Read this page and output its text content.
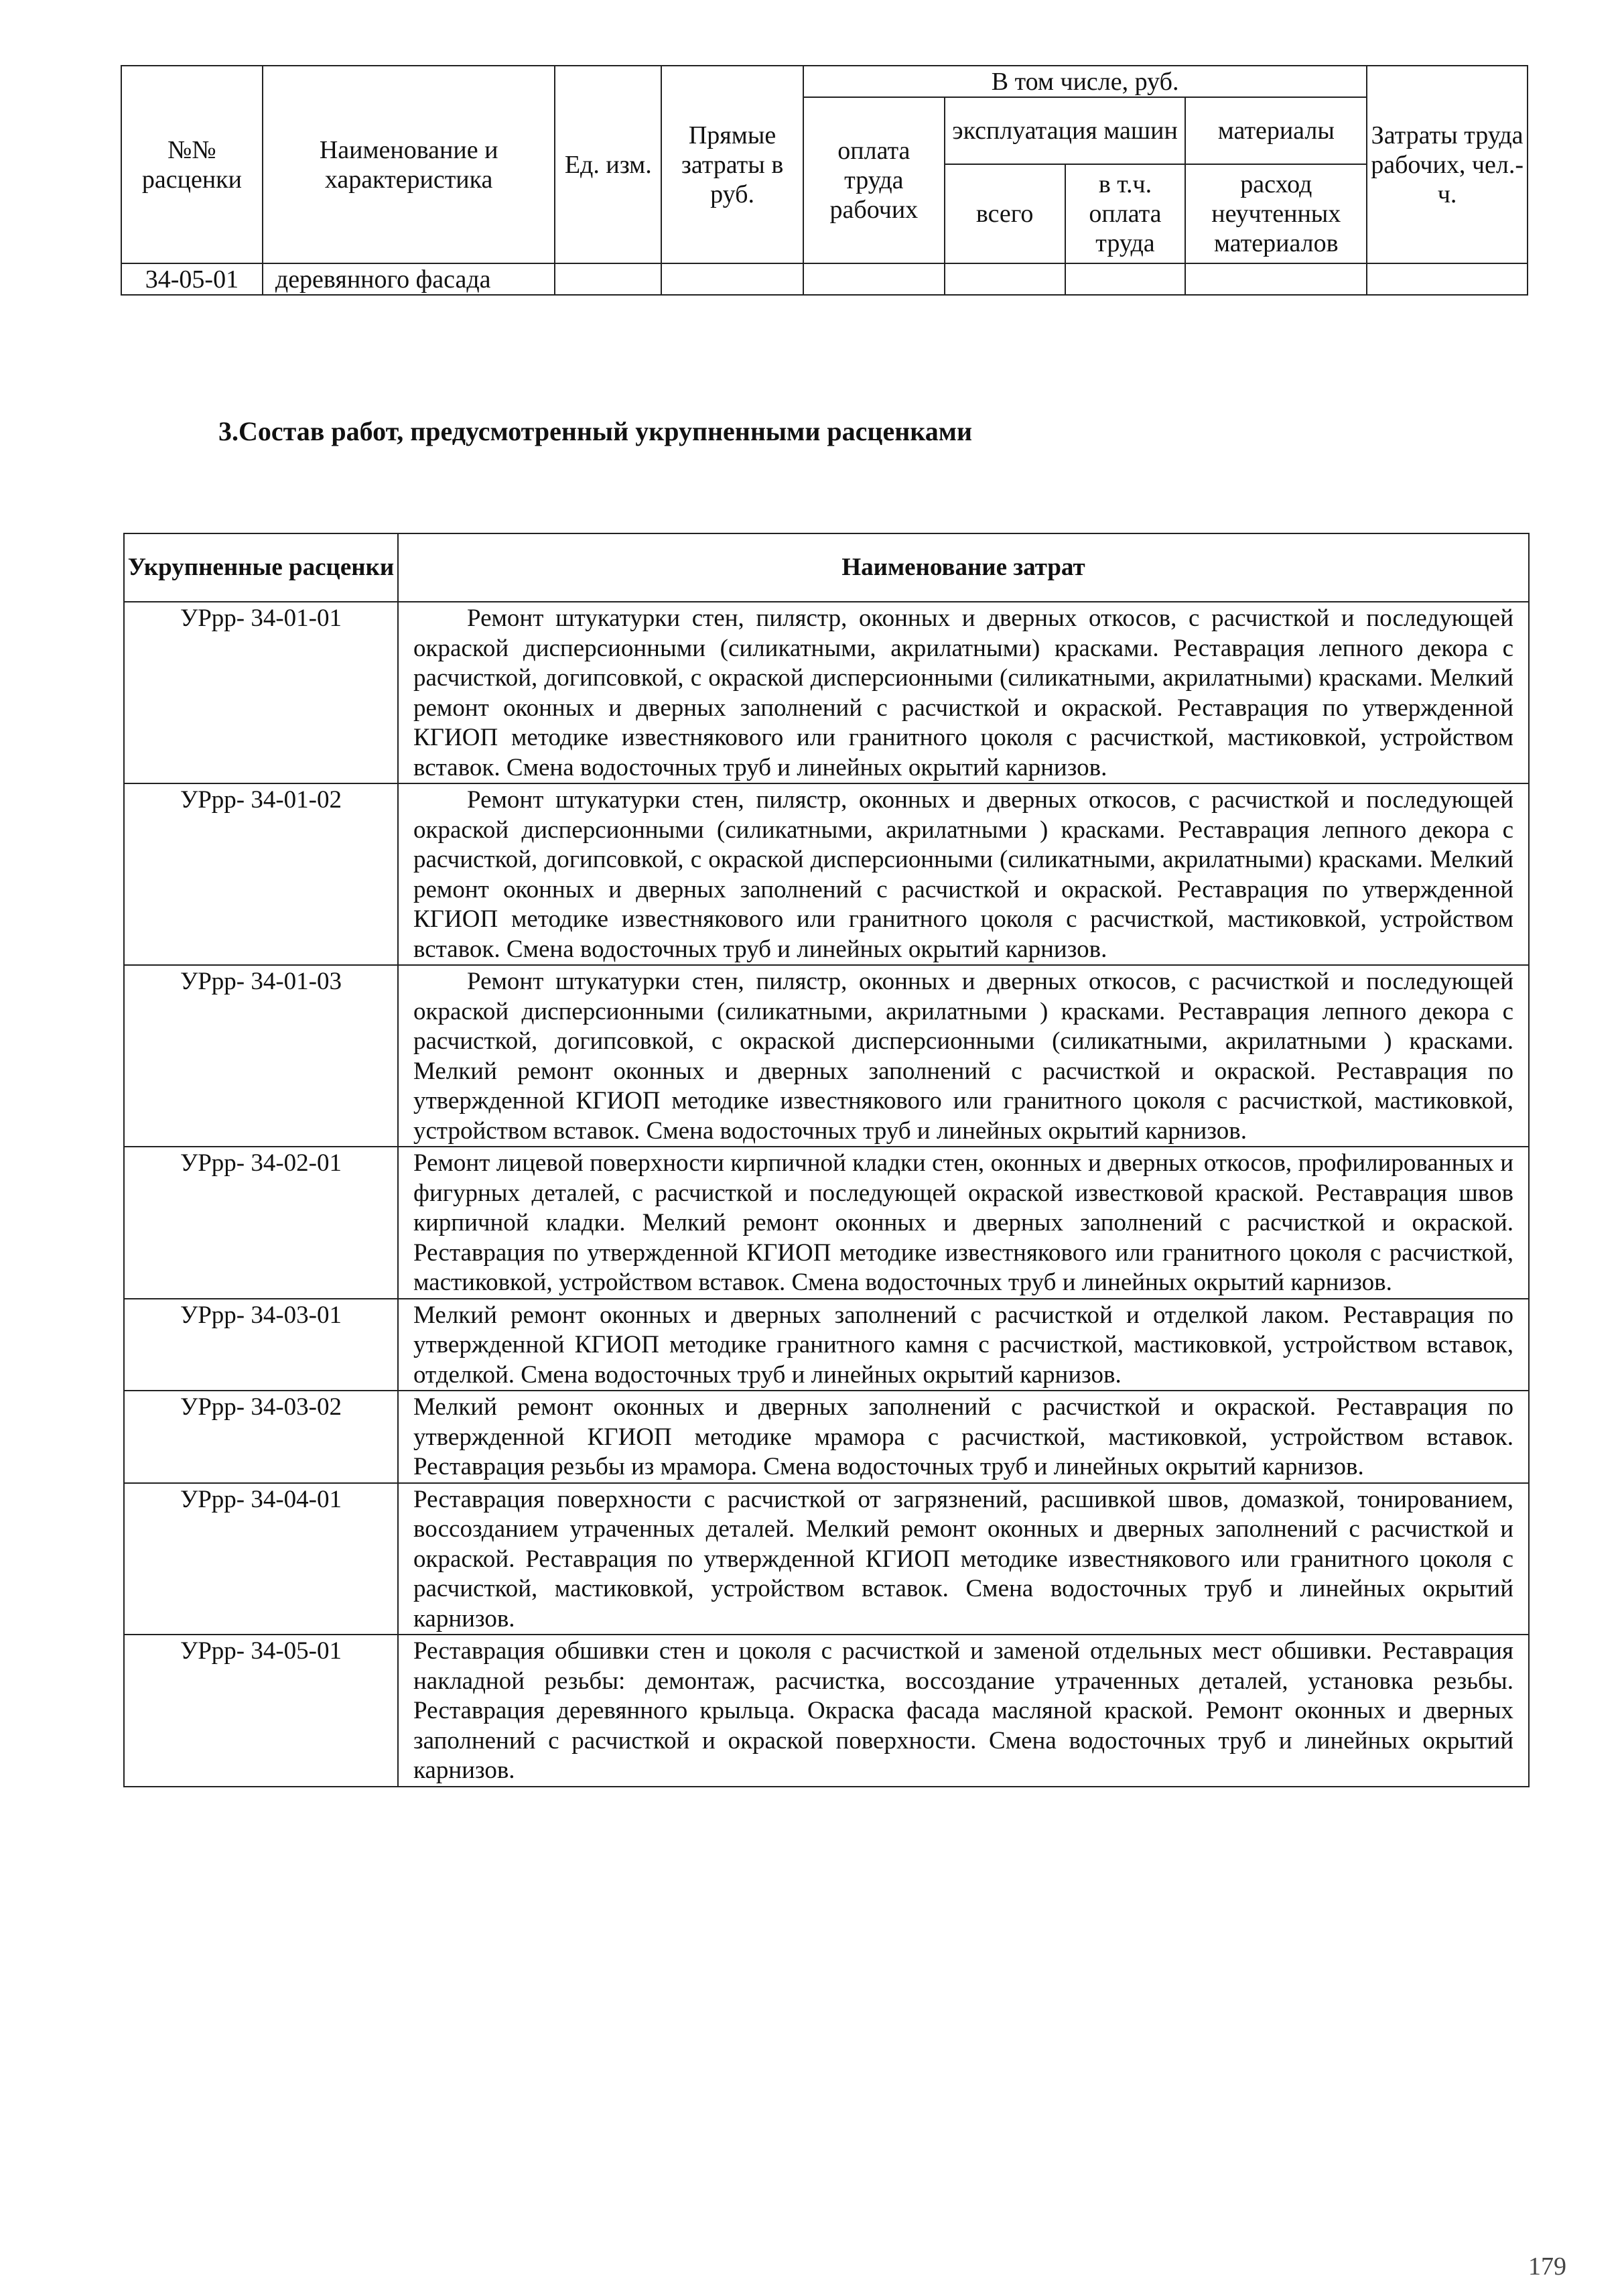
№№ расценки	Наименование и характеристика	Ед. изм.	Прямые затраты в руб.	В том числе, руб.				Затраты труда рабочих, чел.-ч.
				оплата труда рабочих	эксплуатация машин		материалы	
					всего	в т.ч. оплата труда	расход неучтенных материалов	
34-05-01	деревянного фасада							
3.Состав работ, предусмотренный укрупненными расценками
Укрупненные расценки	Наименование затрат
УРрр- 34-01-01	Ремонт штукатурки стен, пилястр, оконных и дверных откосов, с расчисткой и последующей окраской дисперсионными (силикатными, акрилатными) красками. Реставрация лепного декора с расчисткой, догипсовкой, с окраской дисперсионными (силикатными, акрилатными) красками. Мелкий ремонт оконных и дверных заполнений с расчисткой и окраской. Реставрация по утвержденной КГИОП методике известнякового или гранитного цоколя с расчисткой, мастиковкой, устройством вставок. Смена водосточных труб и линейных окрытий карнизов.

УРрр- 34-01-02	Ремонт штукатурки стен, пилястр, оконных и дверных откосов, с расчисткой и последующей окраской дисперсионными (силикатными, акрилатными ) красками. Реставрация лепного декора с расчисткой, догипсовкой, с окраской дисперсионными (силикатными, акрилатными) красками. Мелкий ремонт оконных и дверных заполнений с расчисткой и окраской. Реставрация по утвержденной КГИОП методике известнякового или гранитного цоколя с расчисткой, мастиковкой, устройством вставок. Смена водосточных труб и линейных окрытий карнизов.

УРрр- 34-01-03	Ремонт штукатурки стен, пилястр, оконных и дверных откосов, с расчисткой и последующей окраской дисперсионными (силикатными, акрилатными ) красками. Реставрация лепного декора с расчисткой, догипсовкой, с окраской дисперсионными (силикатными, акрилатными ) красками. Мелкий ремонт оконных и дверных заполнений с расчисткой и окраской. Реставрация по утвержденной КГИОП методике известнякового или гранитного цоколя с расчисткой, мастиковкой, устройством вставок. Смена водосточных труб и линейных окрытий карнизов.

УРрр- 34-02-01	Ремонт лицевой поверхности кирпичной кладки стен, оконных и дверных откосов, профилированных и фигурных деталей, с расчисткой и последующей окраской известковой краской. Реставрация швов кирпичной кладки. Мелкий ремонт оконных и дверных заполнений с расчисткой и окраской. Реставрация по утвержденной КГИОП методике известнякового или гранитного цоколя с расчисткой, мастиковкой, устройством вставок. Смена водосточных труб и линейных окрытий карнизов.

УРрр- 34-03-01	Мелкий ремонт оконных и дверных заполнений с расчисткой и отделкой лаком. Реставрация по утвержденной КГИОП методике гранитного камня с расчисткой, мастиковкой, устройством вставок, отделкой. Смена водосточных труб и линейных окрытий карнизов.

УРрр- 34-03-02	Мелкий ремонт оконных и дверных заполнений с расчисткой и окраской. Реставрация по утвержденной КГИОП методике мрамора с расчисткой, мастиковкой, устройством вставок. Реставрация резьбы из мрамора. Смена водосточных труб и линейных окрытий карнизов.

УРрр- 34-04-01	Реставрация поверхности с расчисткой от загрязнений, расшивкой швов, домазкой, тонированием, воссозданием утраченных деталей. Мелкий ремонт оконных и дверных заполнений с расчисткой и окраской. Реставрация по утвержденной КГИОП методике известнякового или гранитного цоколя с расчисткой, мастиковкой, устройством вставок. Смена водосточных труб и линейных окрытий карнизов.

УРрр- 34-05-01	Реставрация обшивки стен и цоколя с расчисткой и заменой отдельных мест обшивки. Реставрация накладной резьбы: демонтаж, расчистка, воссоздание утраченных деталей, установка резьбы. Реставрация деревянного крыльца. Окраска фасада масляной краской. Ремонт оконных и дверных заполнений с расчисткой и окраской поверхности. Смена водосточных труб и линейных окрытий карнизов.

179
